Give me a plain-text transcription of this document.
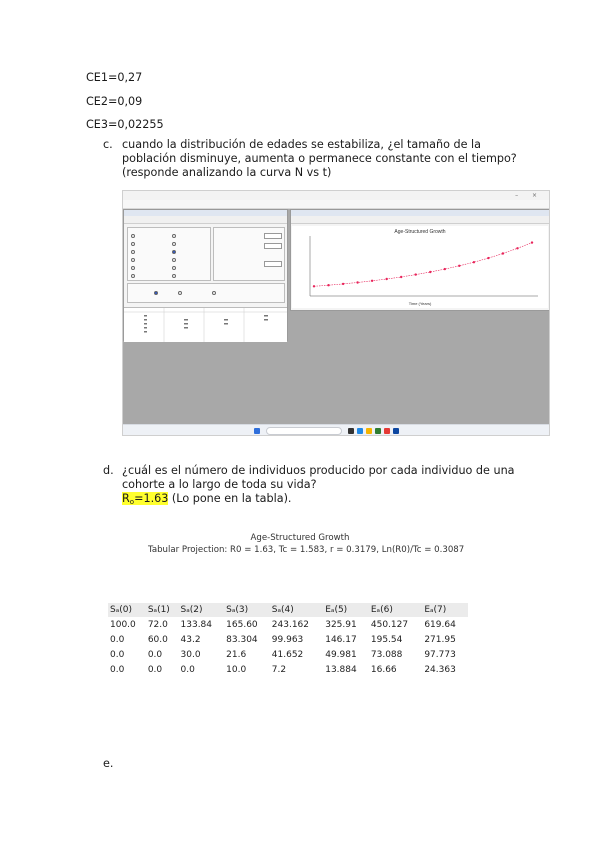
CE1=0,27
CE2=0,09
CE3=0,02255
c. cuando la distribución de edades se estabiliza, ¿el tamaño de la
población disminuye, aumenta o permanece constante con el tiempo?
(responde analizando la curva N vs t)
– ×
Age-Structured Growth
Time (Years)
d. ¿cuál es el número de individuos producido por cada individuo de una
cohorte a lo largo de toda su vida?
$R_o=1.63$ (Lo pone en la tabla).
Age-Structured Growth
Tabular Projection: R0 = 1.63, Tc = 1.583, r = 0.3179, Ln(R0)/Tc = 0.3087
Sₐ(0)	Sₐ(1)	Sₐ(2)	Sₐ(3)	Sₐ(4)	Eₐ(5)	Eₐ(6)	Eₐ(7)
100.0	72.0	133.84	165.60	243.162	325.91	450.127	619.64
0.0	60.0	43.2	83.304	99.963	146.17	195.54	271.95
0.0	0.0	30.0	21.6	41.652	49.981	73.088	97.773
0.0	0.0	0.0	10.0	7.2	13.884	16.66	24.363
e.
